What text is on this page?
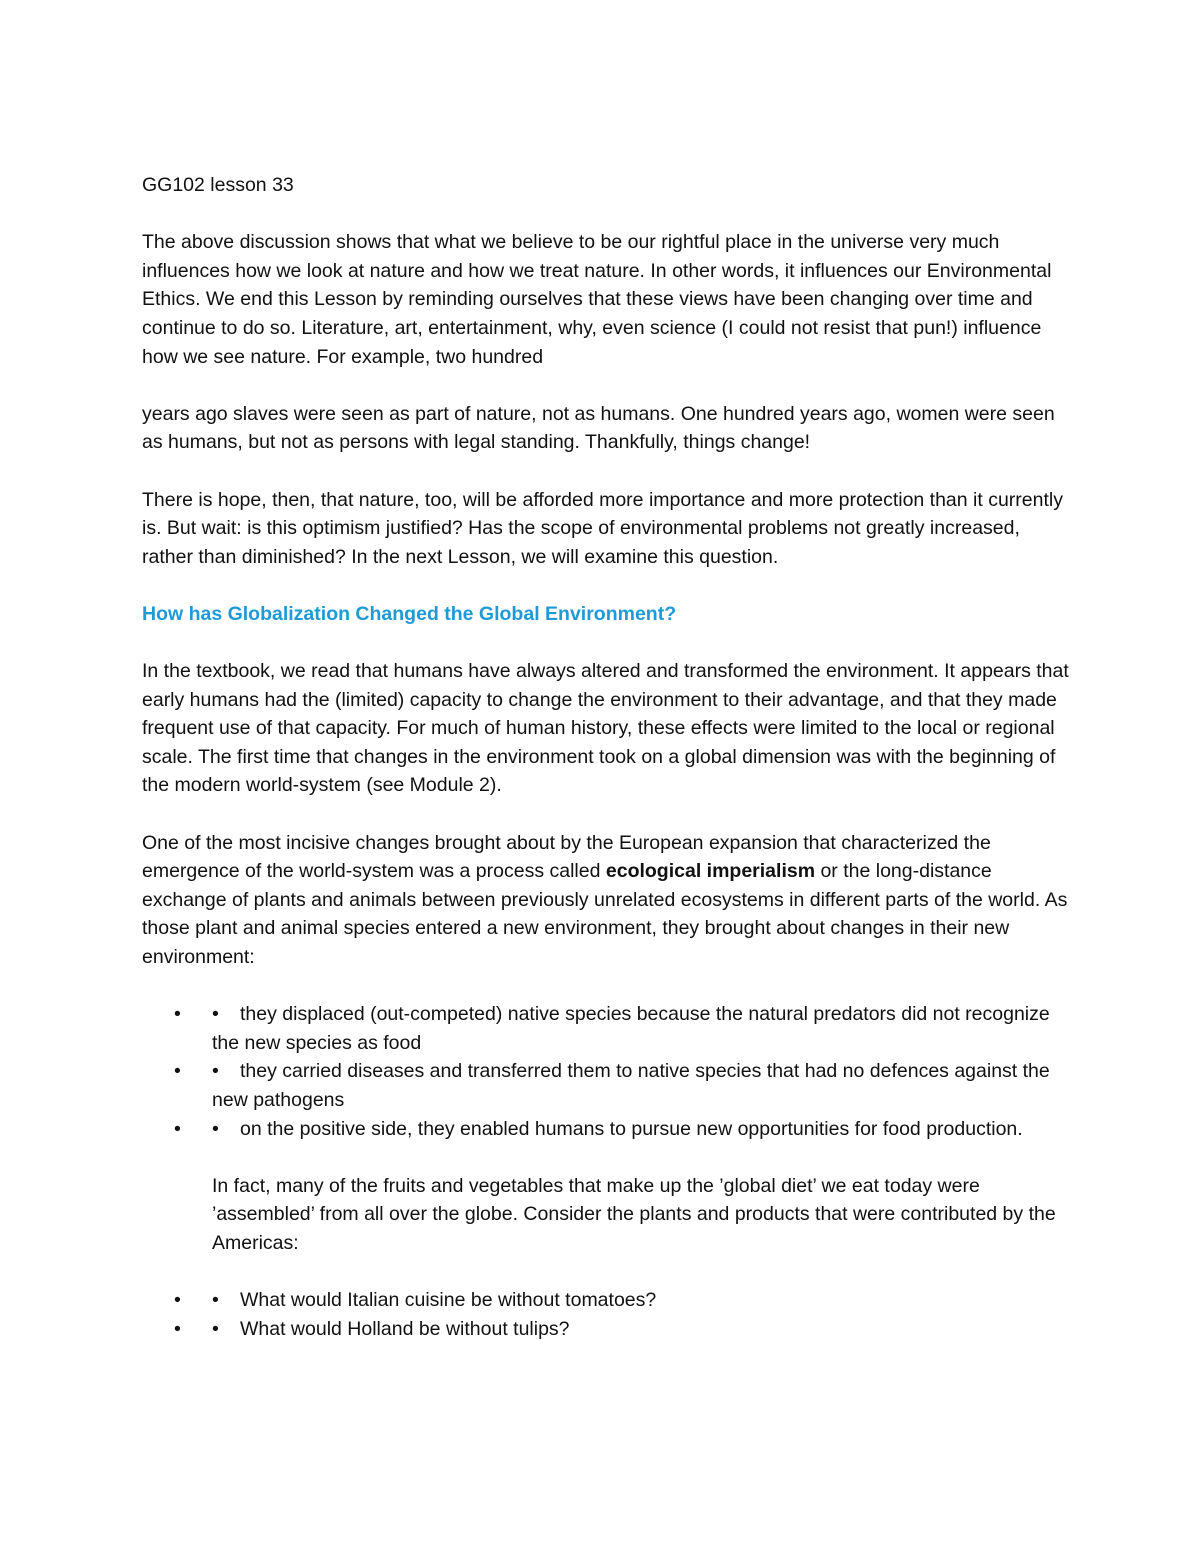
GG102 lesson 33

The above discussion shows that what we believe to be our rightful place in the universe very much influences how we look at nature and how we treat nature. In other words, it influences our Environmental Ethics. We end this Lesson by reminding ourselves that these views have been changing over time and continue to do so. Literature, art, entertainment, why, even science (I could not resist that pun!) influence how we see nature. For example, two hundred

years ago slaves were seen as part of nature, not as humans. One hundred years ago, women were seen as humans, but not as persons with legal standing. Thankfully, things change!

There is hope, then, that nature, too, will be afforded more importance and more protection than it currently is. But wait: is this optimism justified? Has the scope of environmental problems not greatly increased, rather than diminished? In the next Lesson, we will examine this question.

How has Globalization Changed the Global Environment?

In the textbook, we read that humans have always altered and transformed the environment. It appears that early humans had the (limited) capacity to change the environment to their advantage, and that they made frequent use of that capacity. For much of human history, these effects were limited to the local or regional scale. The first time that changes in the environment took on a global dimension was with the beginning of the modern world-system (see Module 2).

One of the most incisive changes brought about by the European expansion that characterized the emergence of the world-system was a process called ecological imperialism or the long-distance exchange of plants and animals between previously unrelated ecosystems in different parts of the world. As those plant and animal species entered a new environment, they brought about changes in their new environment:

• • they displaced (out-competed) native species because the natural predators did not recognize the new species as food
• • they carried diseases and transferred them to native species that had no defences against the new pathogens
• • on the positive side, they enabled humans to pursue new opportunities for food production.

In fact, many of the fruits and vegetables that make up the ’global diet’ we eat today were ’assembled’ from all over the globe. Consider the plants and products that were contributed by the Americas:

• • What would Italian cuisine be without tomatoes?
• • What would Holland be without tulips?
